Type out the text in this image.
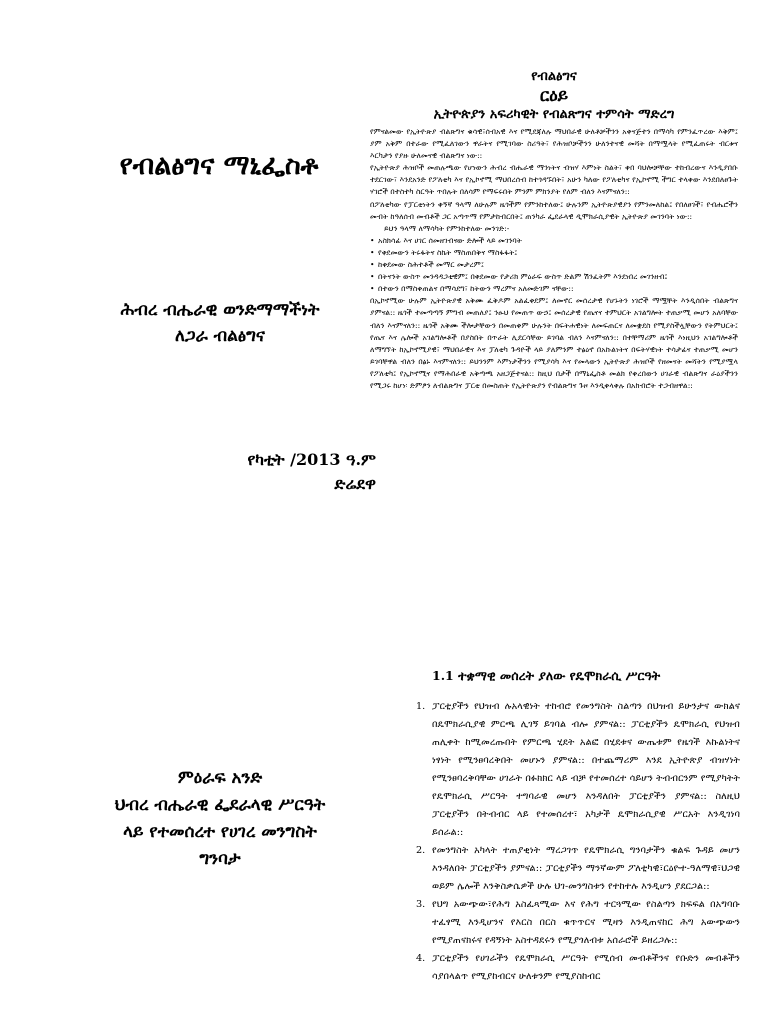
የብልፅግና ማኒፌስቶ
ሕብረ ብሔራዊ ወንድማማችነት
ለጋራ ብልፅግና
የካቲት /2013 ዓ.ም
ድሬደዋ
የብልፅግና
ርዕይ
ኢትዮጵያን አፍሪካዊት የብልጽግና ተምሳት ማድረግ

የምናልመው የኢትዮጵያ ብልጽግና ቁሳዊ፣ሰብአዊ እና የሚደጃለሉ ማህበራዊ ሁለቶቻችንን አቀናጅተን በማሳካ የምንፈጥረው እቅም፤ ያም አቅም በተራው የሚፈለገውን ዋራትና የሚገባው ስሪዓት፣ የሕዝቦቻችንን ሁለንተናዊ መሻት በማሟላት የሚፈጠሩት ብርቱና እርካታን የያዙ ሁለመናዊ ብልጽግና ነው::

የኢትዮጵያ ሕዝቦች መጠሉጫው የሆነውን ሕብረ ብሔራዊ ማንነትና ብዝሃ እምነት ስልት፣ ቀበ ባህሎቻቸው ተከብረውና እንዲያበቡ ተደርገው፣ እንደአንድ የፖለቲካ እና የኢኮኖሚ ማህበረሰብ ከተጎዳኙበት፣ አሁን ካለው የፖለቲካና የኢኮኖሚ ችግር ተላቀው እንደበለፀጉት ሃገሮች በተስተካ ስርዓት ጥበሉት በለሳም የማፍሩበት ምንም ምክንያት የለም ብለን እናምናለን::

በፖለቲካው የፓርቲነትን ቀኝኛ ዓላማ ለሁሉም ዜጎችም የምንከተለው፤ ሁሉንም ኢትዮጵያዊያን የምንመለከል፤ የበለፀገች፣ የብሔሮችን መብት ከዓለሰብ መብቶች ጋር አጣጥማ የምታከብርበት፤ ጠንካራ ፌደራላዊ ዲሞክራሲያዊት ኢትዮጵያ መገንባት ነው::

ይህን ዓላማ ለማሳካት የምንከተለው መንገድ:-

• አስክሳፊ እና ሀገር ሰመዘገብናው ድሎች ላይ መገንባት
• የቀደመውን ትሩፋትና ስኬት ማስጠበቅና ማስፋፋት፤
• ከቀደመው ስሕተቶች መማር መታረም፤
• በትናንት ውስጥ መንዳዳጋቲዊም፤ በቀደመው የታሪክ ምዕራፍ ውስጥ ድልም ሽንፈትም እንደነበረ መገንዘብ፤
• በተውን በማስቀጠልና በማሳደግ፣ ከትውን ማረምና አለመድገም ናቸው::

በኢኮኖሚው ሁሉም ኢትዮጵያዊ አቅሙ ፈቅዶም አልፈቀደም፤ ለመኖር መሰረታዊ የሆኑትን ነገሮች ማሟቸት እንዲሰበት ብልጽግና ያምናል:: ዜጎች ተመጣጣኝ ምግብ መጠለያ፤ ንፁህ የመጠጥ ውኃ፤ መሰረታዊ የጤናና ተምህርት አገልግሎት ተጠቃሚ መሆን አለባቸው ብለን እናምናለን:: ዜጎች አቅሙ ችሎታቸውን በመጠቀም ሁሉንት በፍትሐዊነት ለመፍጠርና ለመቋደስ የሚያስችሏቸውን የትምህርት፤ የጤና እና ሌሎች አገልግሎቶች በያስበት በጥራት ሊደርሳቸው ይገባል ብለን እናምናለን:: በተቸማሪም ዜጎች እነዚህን አገልግሎቶች ለማግኘት ከኢኮኖሚያዊ፣ ማህበራዊና እና ፓለቲካ ጉዳዮች ላይ ያለምንም ተፅዕኖ በአኩልነትና በፍትሃዊነት ተሳታፊና ተጠቃሚ መሆን ይገባቸዋል ብለን በፅኑ እናምናለን:: ይህንንም እምነታችንን የሚያሳካ እና የመላውን ኢትዮጵያ ሕዝቦች የዘመናት መሻትን የሚያሟላ የፖለቲካ፤ የኢኮኖሚና የማሕበራዊ አቅጣጫ አዘጋጅተናል:: ከዚህ በታች በማኒፌስቶ መልክ የቀረበውን ሀገራዊ ብልጽግና ራዕያችንን የሚጋሩ ከሆነ፡ ድምፆን ለብልጽግና ፓርቲ በመስጠት የኢትዮጵያን የብልጽግና ጉዞ እንዲቀላቀሉ በአክብሮት ተጋብዘዋል::

ምዕራፍ አንድ
ህብረ ብሔራዊ ፌደራላዊ ሥርዓት
ላይ የተመሰረተ የሀገረ መንግስት
ግንባታ
1.1 ተቋማዊ መሰረት ያለው የዴሞክራሲ ሥርዓት
1. ፓርቲያችን የህዝብ ሉአላዊነት ተከብሮ የመንግስት ስልጣን በህዝብ ይሁንታና ውክልና በዴሞክራሲያዊ ምርጫ ሊገኝ ይገባል ብሎ ያምናል:: ፓርቲያችን ዴሞክራሲ የህዝብ ጠሊቀት ከሚመረጡበት የምርጫ ሂደት አልፎ በሂደቱና ውጤቱም የዜጎች እኩልነትና ነፃነት የሚንፀባረቅበት መሆኑን ያምናል:: በተጨማሪም እንደ ኢትዮጵያ ብዝሃነት የሚንፀባረቅባቸው ሀገራት በፉክክር ላይ ብቻ የተመሰረተ ሳይሆን ትብብርንም የሚያካትት የዴሞክራሲ ሥርዓት ተግባራዊ መሆን እንዳለበት ፓርቲያችን ያምናል:: ስለዚህ ፓርቲያችን በትብብር ላይ የተመሰረተ፣ አካታች ዴሞክራሲያዊ ሥርአት እንዲገነባ ይሰራል::
2. የመንግስት አካላት ተጠያቂነት ማረጋገጥ የዴሞክራሲ ግንባታችን ቁልፍ ጉዳይ መሆን እንዳለበት ፓርቲያችን ያምናል:: ፓርቲያችን ማንኛውም ፖለቲካዊ፣ርዕዮተ-ዓለማዊ፣ህጋዊ ወይም ሌሎች እንቅስቃሴዎች ሁሉ ህገ-መንግስቱን የተከተሉ እንዲሆን ያደርጋል::
3. የህግ አውጭው፣የሕግ አስፈጻሚው እና የሕግ ተርጓሚው የስልጣን ክፍፍል በአግባቡ ተፈፃሚ እንዲሆንና የእርስ በርስ ቁጥጥርና ሚዛን እንዲጠናከር ሕግ አውጭውን የሚያጠናክሩና የዳኝነት አስተዳደሩን የሚያጎለብቱ አሰራሮች ይዘረጋሉ::
4. ፓርቲያችን የሀገራችን የዴሞክራሲ ሥርዓት የሚሰብ መብቶችንና የቡድን መብቶችን ሳያበላልጥ የሚያከብርና ሁለቱንም የሚያስከብር
